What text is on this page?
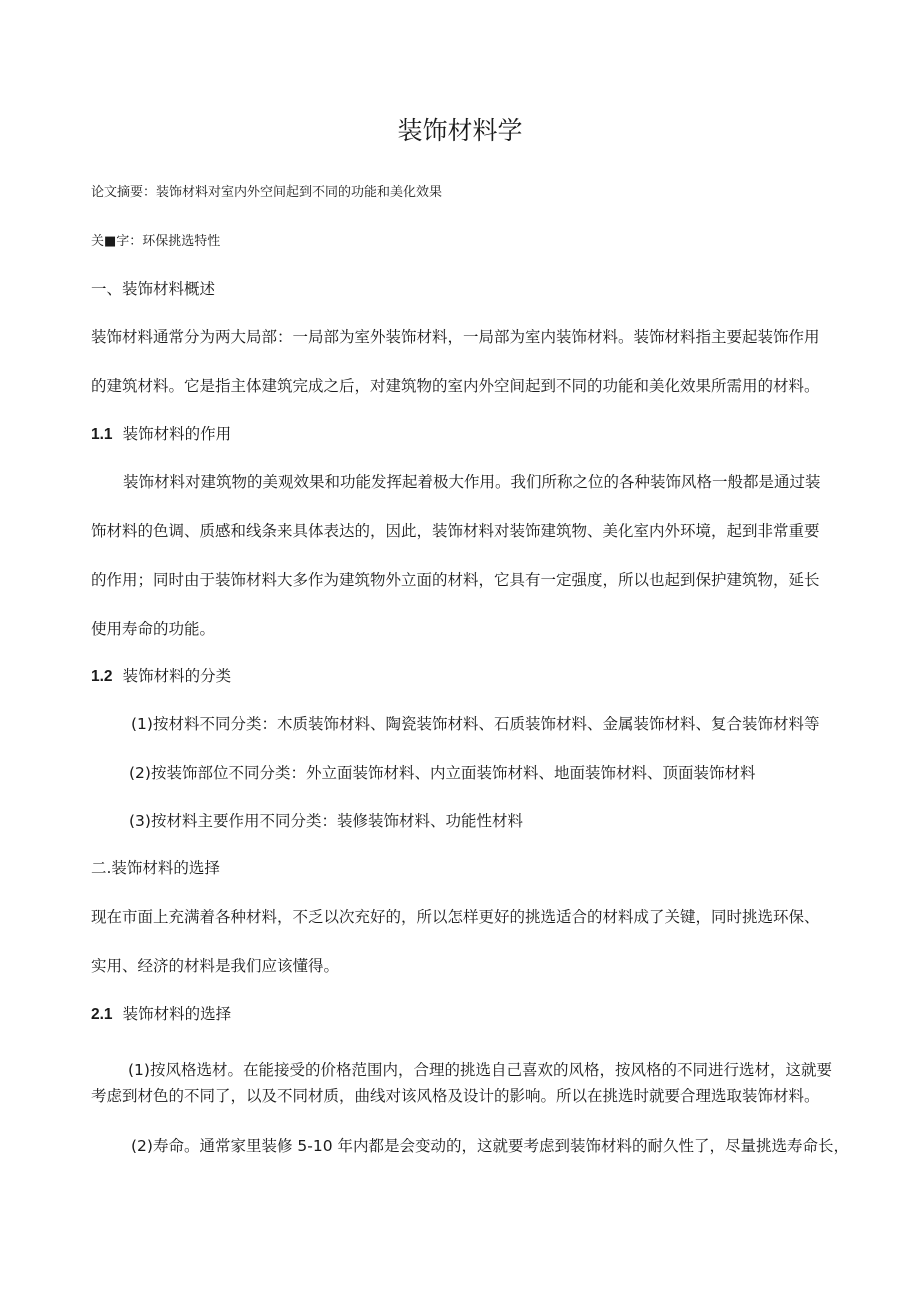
装饰材料学
论文摘要：装饰材料对室内外空间起到不同的功能和美化效果
关■字：环保挑选特性
一、装饰材料概述
装饰材料通常分为两大局部：一局部为室外装饰材料，一局部为室内装饰材料。装饰材料指主要起装饰作用
的建筑材料。它是指主体建筑完成之后，对建筑物的室内外空间起到不同的功能和美化效果所需用的材料。
1.1 装饰材料的作用
装饰材料对建筑物的美观效果和功能发挥起着极大作用。我们所称之位的各种装饰风格一般都是通过装
饰材料的色调、质感和线条来具体表达的，因此，装饰材料对装饰建筑物、美化室内外环境，起到非常重要
的作用；同时由于装饰材料大多作为建筑物外立面的材料，它具有一定强度，所以也起到保护建筑物，延长
使用寿命的功能。
1.2 装饰材料的分类
(1)按材料不同分类：木质装饰材料、陶瓷装饰材料、石质装饰材料、金属装饰材料、复合装饰材料等
(2)按装饰部位不同分类：外立面装饰材料、内立面装饰材料、地面装饰材料、顶面装饰材料
(3)按材料主要作用不同分类：装修装饰材料、功能性材料
二.装饰材料的选择
现在市面上充满着各种材料，不乏以次充好的，所以怎样更好的挑选适合的材料成了关键，同时挑选环保、
实用、经济的材料是我们应该懂得。
2.1 装饰材料的选择
(1)按风格选材。在能接受的价格范围内，合理的挑选自己喜欢的风格，按风格的不同进行选材，这就要
考虑到材色的不同了，以及不同材质，曲线对该风格及设计的影响。所以在挑选时就要合理选取装饰材料。
(2)寿命。通常家里装修 5-10 年内都是会变动的，这就要考虑到装饰材料的耐久性了，尽量挑选寿命长，
